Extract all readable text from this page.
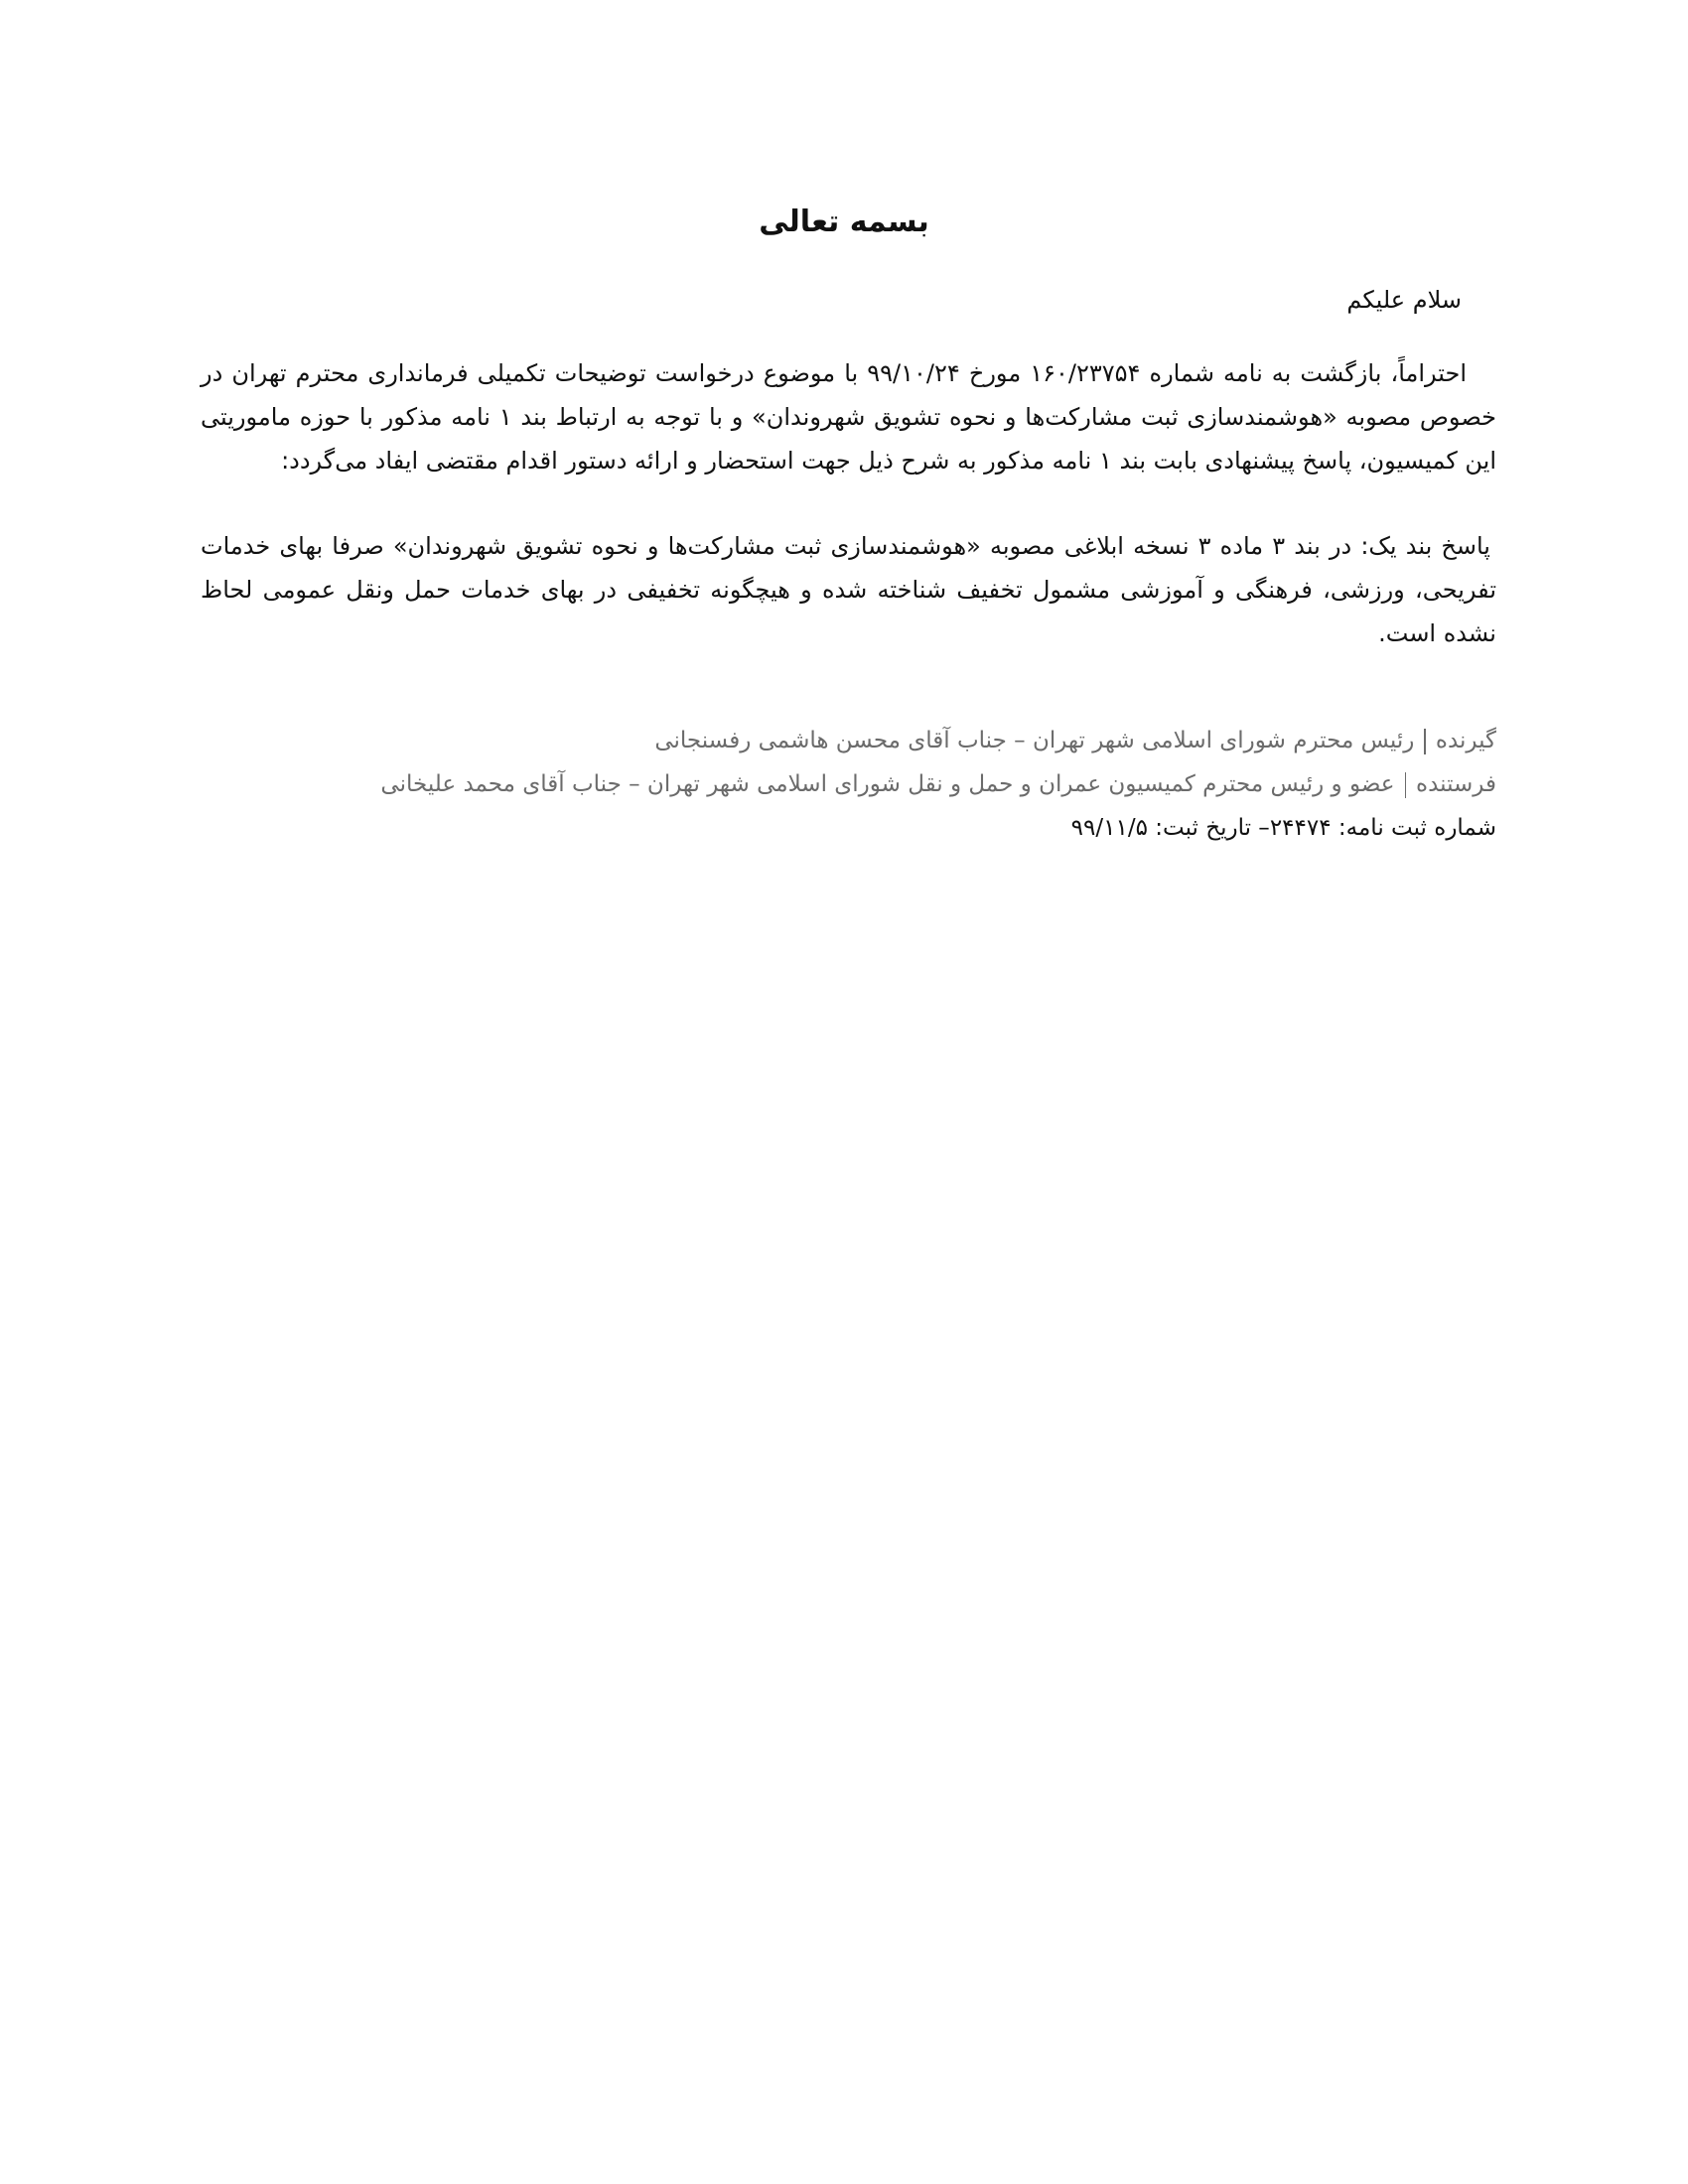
بسمه تعالی

سلام علیکم

احتراماً، بازگشت به نامه شماره ۱۶۰/۲۳۷۵۴ مورخ ۹۹/۱۰/۲۴ با موضوع درخواست توضیحات تکمیلی فرمانداری محترم تهران در خصوص مصوبه «هوشمندسازی ثبت مشارکت‌ها و نحوه تشویق شهروندان» و با توجه به ارتباط بند ۱ نامه مذکور با حوزه ماموریتی این کمیسیون، پاسخ پیشنهادی بابت بند ۱ نامه مذکور به شرح ذیل جهت استحضار و ارائه دستور اقدام مقتضی ایفاد می‌گردد:

پاسخ بند یک: در بند ۳ ماده ۳ نسخه ابلاغی مصوبه «هوشمندسازی ثبت مشارکت‌ها و نحوه تشویق شهروندان» صرفا بهای خدمات تفریحی، ورزشی، فرهنگی و آموزشی مشمول تخفیف شناخته شده و هیچگونه تخفیفی در بهای خدمات حمل ونقل عمومی لحاظ نشده است.

گیرندهرئیس محترم شورای اسلامی شهر تهران – جناب آقای محسن هاشمی رفسنجانی

فرستندهعضو و رئیس محترم کمیسیون عمران و حمل و نقل شورای اسلامی شهر تهران – جناب آقای محمد علیخانی

شماره ثبت نامه: ۲۴۴۷۴– تاریخ ثبت: ۹۹/۱۱/۵
